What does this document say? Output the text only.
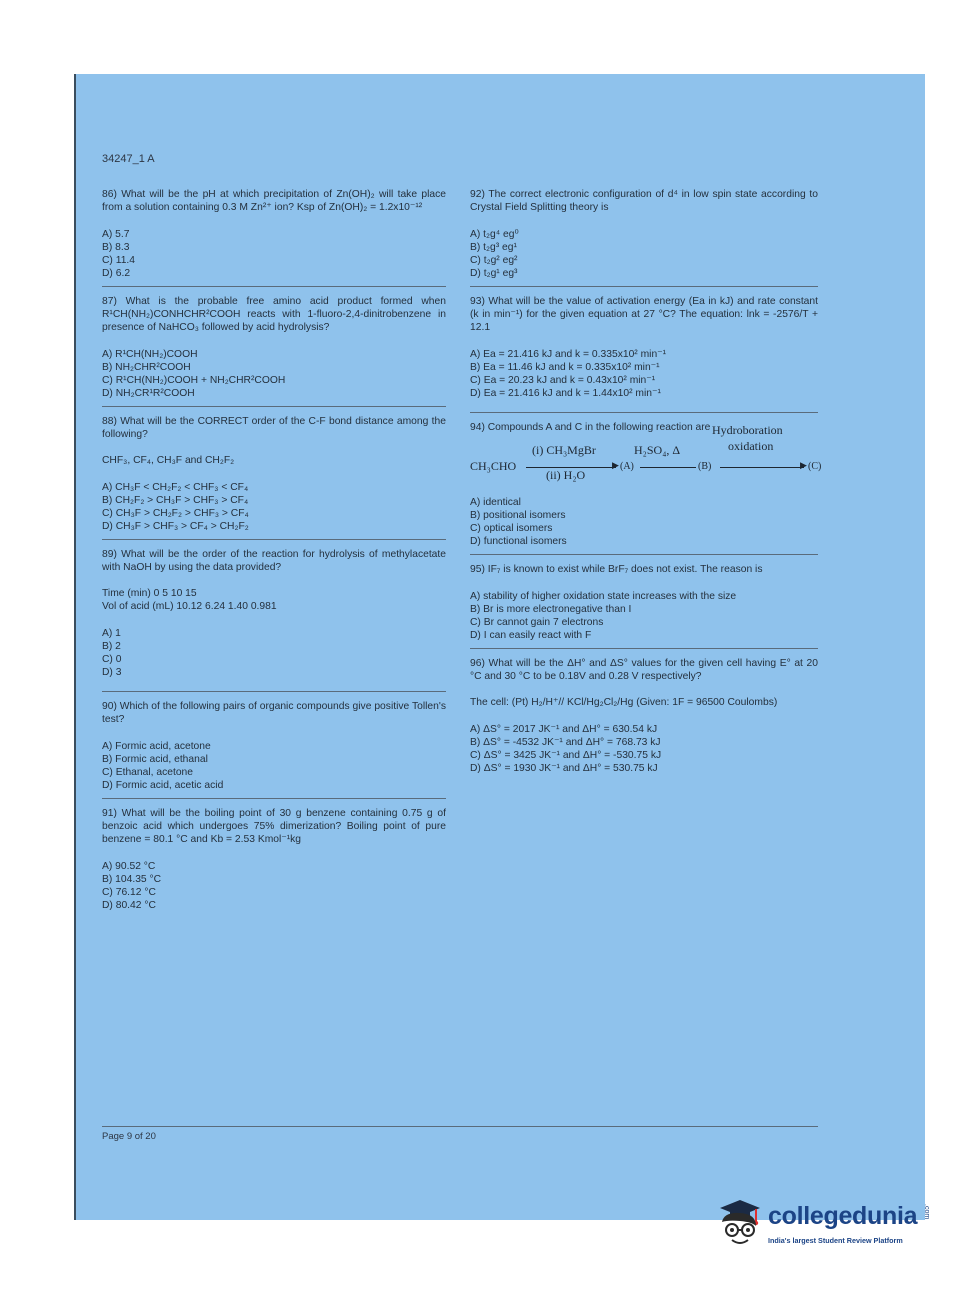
34247_1 A
86) What will be the pH at which precipitation of Zn(OH)₂ will take place from a solution containing 0.3 M Zn²⁺ ion? Ksp of Zn(OH)₂ = 1.2x10⁻¹²
A) 5.7
B) 8.3
C) 11.4
D) 6.2
87) What is the probable free amino acid product formed when R¹CH(NH₂)CONHCHR²COOH reacts with 1-fluoro-2,4-dinitrobenzene in presence of NaHCO₃ followed by acid hydrolysis?
A) R¹CH(NH₂)COOH
B) NH₂CHR²COOH
C) R¹CH(NH₂)COOH + NH₂CHR²COOH
D) NH₂CR¹R²COOH
88) What will be the CORRECT order of the C-F bond distance among the following?
CHF₃, CF₄, CH₃F and CH₂F₂
A) CH₃F < CH₂F₂ < CHF₃ < CF₄
B) CH₂F₂ > CH₃F > CHF₃ > CF₄
C) CH₃F > CH₂F₂ > CHF₃ > CF₄
D) CH₃F > CHF₃ > CF₄ > CH₂F₂
89) What will be the order of the reaction for hydrolysis of methylacetate with NaOH by using the data provided?
Time (min) 0 5 10 15
Vol of acid (mL) 10.12 6.24 1.40 0.981
A) 1
B) 2
C) 0
D) 3
90) Which of the following pairs of organic compounds give positive Tollen's test?
A) Formic acid, acetone
B) Formic acid, ethanal
C) Ethanal, acetone
D) Formic acid, acetic acid
91) What will be the boiling point of 30 g benzene containing 0.75 g of benzoic acid which undergoes 75% dimerization? Boiling point of pure benzene = 80.1 °C and Kb = 2.53 Kmol⁻¹kg
A) 90.52 °C
B) 104.35 °C
C) 76.12 °C
D) 80.42 °C
92) The correct electronic configuration of d⁴ in low spin state according to Crystal Field Splitting theory is
A) t₂g⁴ eg⁰
B) t₂g³ eg¹
C) t₂g² eg²
D) t₂g¹ eg³
93) What will be the value of activation energy (Ea in kJ) and rate constant (k in min⁻¹) for the given equation at 27 °C? The equation: lnk = -2576/T + 12.1
A) Ea = 21.416 kJ and k = 0.335x10² min⁻¹
B) Ea = 11.46 kJ and k = 0.335x10² min⁻¹
C) Ea = 20.23 kJ and k = 0.43x10² min⁻¹
D) Ea = 21.416 kJ and k = 1.44x10² min⁻¹
94) Compounds A and C in the following reaction are
CH₃CHO
(i) CH₃MgBr
▶
(ii) H₂O
(A)
H₂SO₄, Δ
(B)	▶
Hydroboration
oxidation
(C)
A) identical
B) positional isomers
C) optical isomers
D) functional isomers
95) IF₇ is known to exist while BrF₇ does not exist. The reason is
A) stability of higher oxidation state increases with the size
B) Br is more electronegative than I
C) Br cannot gain 7 electrons
D) I can easily react with F
96) What will be the ΔH° and ΔS° values for the given cell having E° at 20 °C and 30 °C to be 0.18V and 0.28 V respectively?
The cell: (Pt) H₂/H⁺// KCl/Hg₂Cl₂/Hg (Given: 1F = 96500 Coulombs)
A) ΔS° = 2017 JK⁻¹ and ΔH° = 630.54 kJ
B) ΔS° = -4532 JK⁻¹ and ΔH° = 768.73 kJ
C) ΔS° = 3425 JK⁻¹ and ΔH° = -530.75 kJ
D) ΔS° = 1930 JK⁻¹ and ΔH° = 530.75 kJ
Page 9 of 20
collegedunia .com
India's largest Student Review Platform
